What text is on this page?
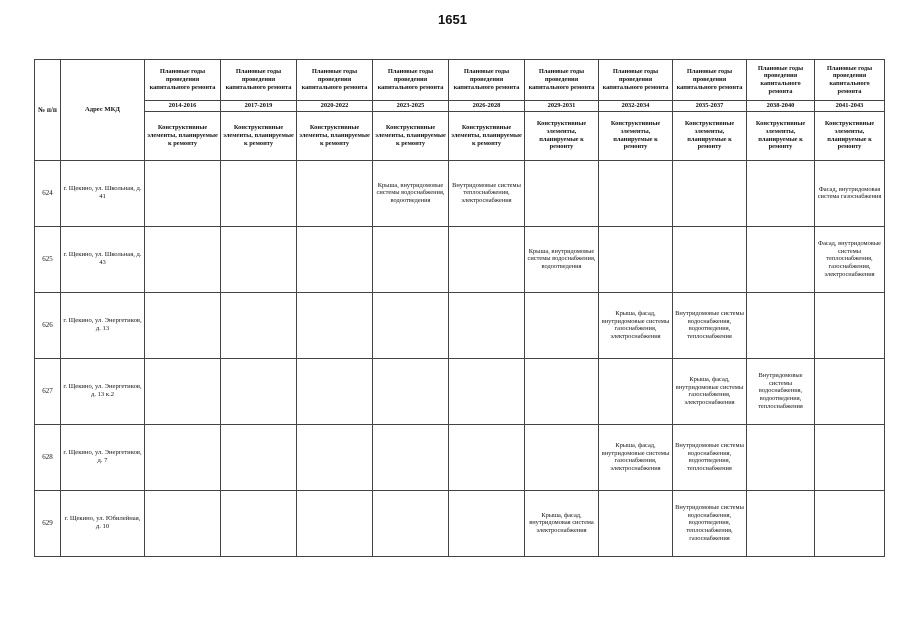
1651
№ п/п	Адрес МКД	Плановые годы проведения капитального ремонта	Плановые годы проведения капитального ремонта	Плановые годы проведения капитального ремонта	Плановые годы проведения капитального ремонта	Плановые годы проведения капитального ремонта	Плановые годы проведения капитального ремонта	Плановые годы проведения капитального ремонта	Плановые годы проведения капитального ремонта	Плановые годы проведения капитального ремонта	Плановые годы проведения капитального ремонта
		2014-2016	2017-2019	2020-2022	2023-2025	2026-2028	2029-2031	2032-2034	2035-2037	2038-2040	2041-2043
		Конструктивные элементы, планируемые к ремонту	Конструктивные элементы, планируемые к ремонту	Конструктивные элементы, планируемые к ремонту	Конструктивные элементы, планируемые к ремонту	Конструктивные элементы, планируемые к ремонту	Конструктивные элементы, планируемые к ремонту	Конструктивные элементы, планируемые к ремонту	Конструктивные элементы, планируемые к ремонту	Конструктивные элементы, планируемые к ремонту	Конструктивные элементы, планируемые к ремонту
624	г. Щекино, ул. Школьная, д. 41				Крыша, внутридомовые системы водоснабжения, водоотведения	Внутридомовые системы теплоснабжения, электроснабжения					Фасад, внутридомовая система газоснабжения
625	г. Щекино, ул. Школьная, д. 43						Крыша, внутридомовые системы водоснабжения, водоотведения				Фасад, внутридомовые системы теплоснабжения, газоснабжения, электроснабжения
626	г. Щекино, ул. Энергетиков, д. 13							Крыша, фасад, внутридомовые системы газоснабжения, электроснабжения	Внутридомовые системы водоснабжения, водоотведения, теплоснабжения		
627	г. Щекино, ул. Энергетиков, д. 13 к.2								Крыша, фасад, внутридомовые системы газоснабжения, электроснабжения	Внутридомовые системы водоснабжения, водоотведения, теплоснабжения	
628	г. Щекино, ул. Энергетиков, д. 7							Крыша, фасад, внутридомовые системы газоснабжения, электроснабжения	Внутридомовые системы водоснабжения, водоотведения, теплоснабжения		
629	г. Щекино, ул. Юбилейная, д. 10						Крыша, фасад, внутридомовая система электроснабжения		Внутридомовые системы водоснабжения, водоотведения, теплоснабжения, газоснабжения		
